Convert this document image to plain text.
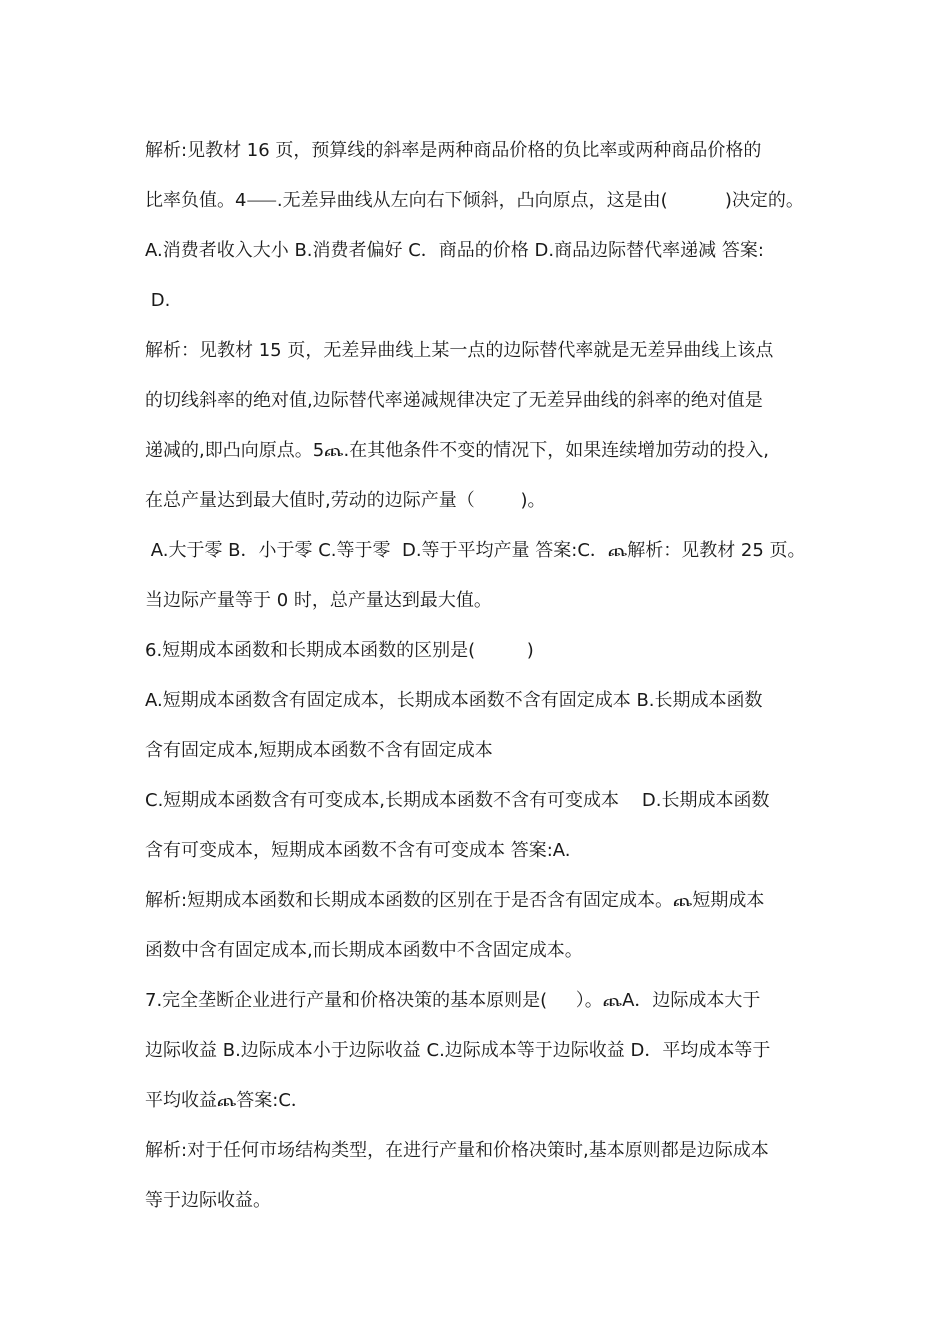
解析:见教材 16 页，预算线的斜率是两种商品价格的负比率或两种商品价格的
比率负值。4⸺.无差异曲线从左向右下倾斜，凸向原点，这是由(          )决定的。
A.消费者收入大小 B.消费者偏好 C．商品的价格 D.商品边际替代率递减 答案:
D.
解析：见教材 15 页，无差异曲线上某一点的边际替代率就是无差异曲线上该点
的切线斜率的绝对值,边际替代率递减规律决定了无差异曲线的斜率的绝对值是
递减的,即凸向原点。5ጨ.在其他条件不变的情况下，如果连续增加劳动的投入,
在总产量达到最大值时,劳动的边际产量（        )。
A.大于零 B．小于零 C.等于零  D.等于平均产量 答案:C．ጨ解析：见教材 25 页。
当边际产量等于 0 时，总产量达到最大值。
6.短期成本函数和长期成本函数的区别是(         )
A.短期成本函数含有固定成本，长期成本函数不含有固定成本 B.长期成本函数
含有固定成本,短期成本函数不含有固定成本
C.短期成本函数含有可变成本,长期成本函数不含有可变成本    D.长期成本函数
含有可变成本，短期成本函数不含有可变成本 答案:A.
解析:短期成本函数和长期成本函数的区别在于是否含有固定成本。ጨ短期成本
函数中含有固定成本,而长期成本函数中不含固定成本。
7.完全垄断企业进行产量和价格决策的基本原则是(     ）。ጨA．边际成本大于
边际收益 B.边际成本小于边际收益 C.边际成本等于边际收益 D．平均成本等于
平均收益ጨ答案:C．
解析:对于任何市场结构类型，在进行产量和价格决策时,基本原则都是边际成本
等于边际收益。
